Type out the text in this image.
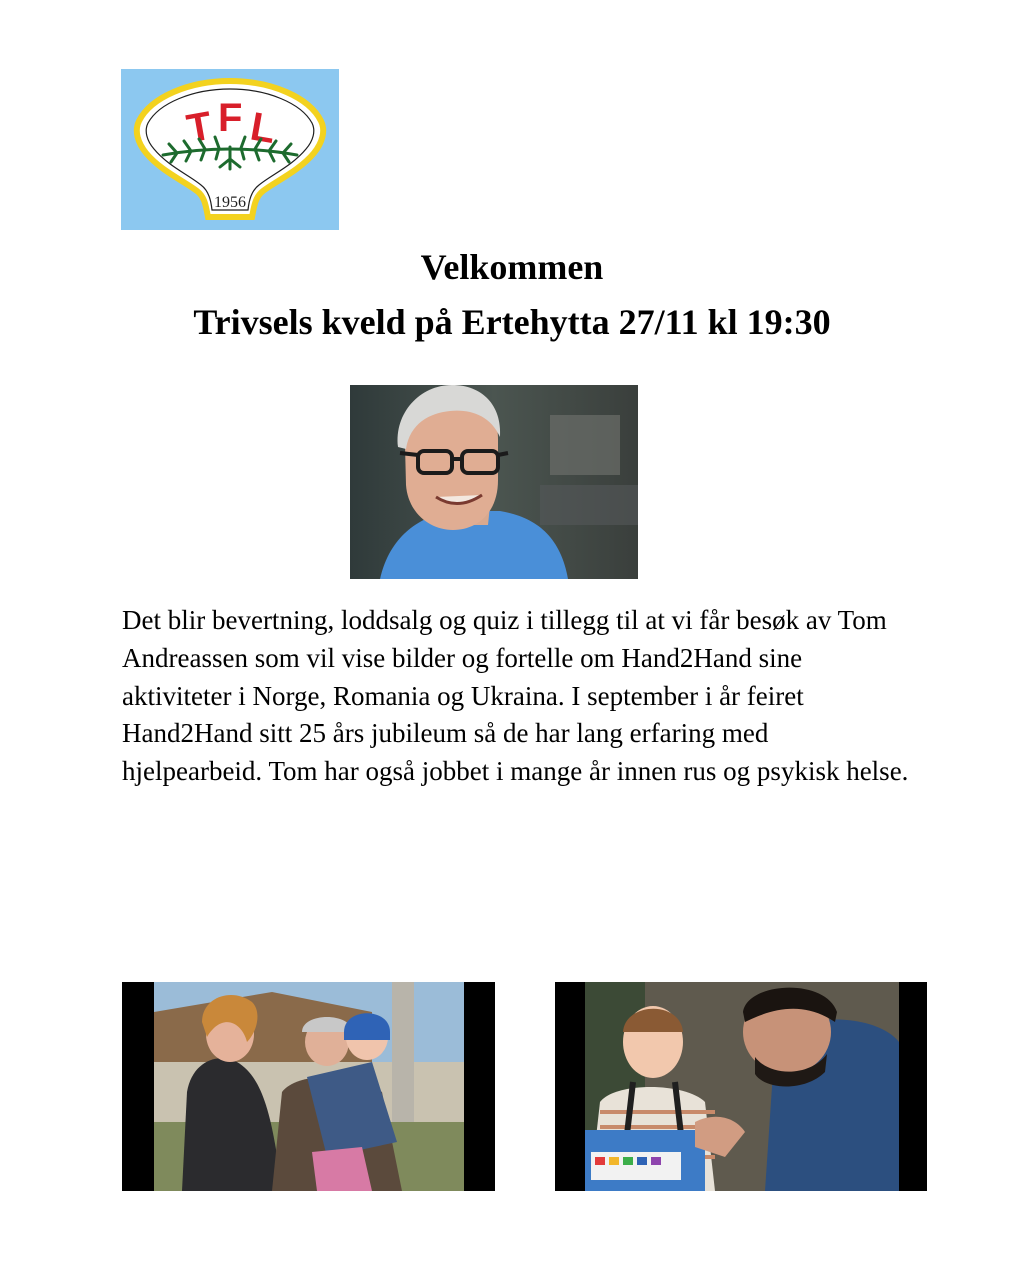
T F L
1956
Velkommen
Trivsels kveld på Ertehytta 27/11 kl 19:30
Det blir bevertning, loddsalg og quiz i tillegg til at vi får besøk av Tom Andreassen som vil vise bilder og fortelle om Hand2Hand sine aktiviteter i Norge, Romania og Ukraina. I september i år feiret Hand2Hand sitt 25 års jubileum så de har lang erfaring med hjelpearbeid. Tom har også jobbet i mange år innen rus og psykisk helse.
